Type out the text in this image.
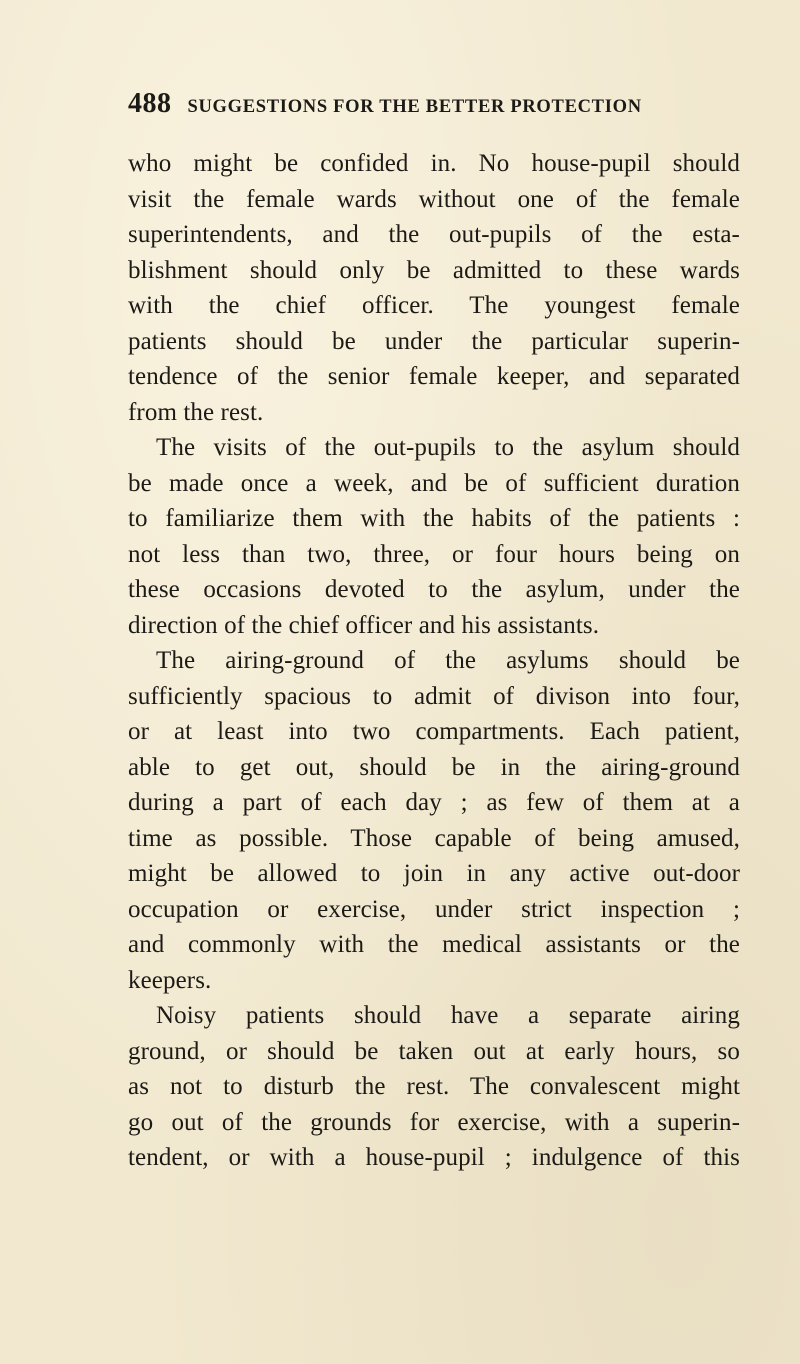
488 SUGGESTIONS FOR THE BETTER PROTECTION
who might be confided in. No house-pupil should
visit the female wards without one of the female
superintendents, and the out-pupils of the esta-
blishment should only be admitted to these wards
with the chief officer. The youngest female
patients should be under the particular superin-
tendence of the senior female keeper, and separated
from the rest.
The visits of the out-pupils to the asylum should
be made once a week, and be of sufficient duration
to familiarize them with the habits of the patients :
not less than two, three, or four hours being on
these occasions devoted to the asylum, under the
direction of the chief officer and his assistants.
The airing-ground of the asylums should be
sufficiently spacious to admit of divison into four,
or at least into two compartments. Each patient,
able to get out, should be in the airing-ground
during a part of each day ; as few of them at a
time as possible. Those capable of being amused,
might be allowed to join in any active out-door
occupation or exercise, under strict inspection ;
and commonly with the medical assistants or the
keepers.
Noisy patients should have a separate airing
ground, or should be taken out at early hours, so
as not to disturb the rest. The convalescent might
go out of the grounds for exercise, with a superin-
tendent, or with a house-pupil ; indulgence of this
